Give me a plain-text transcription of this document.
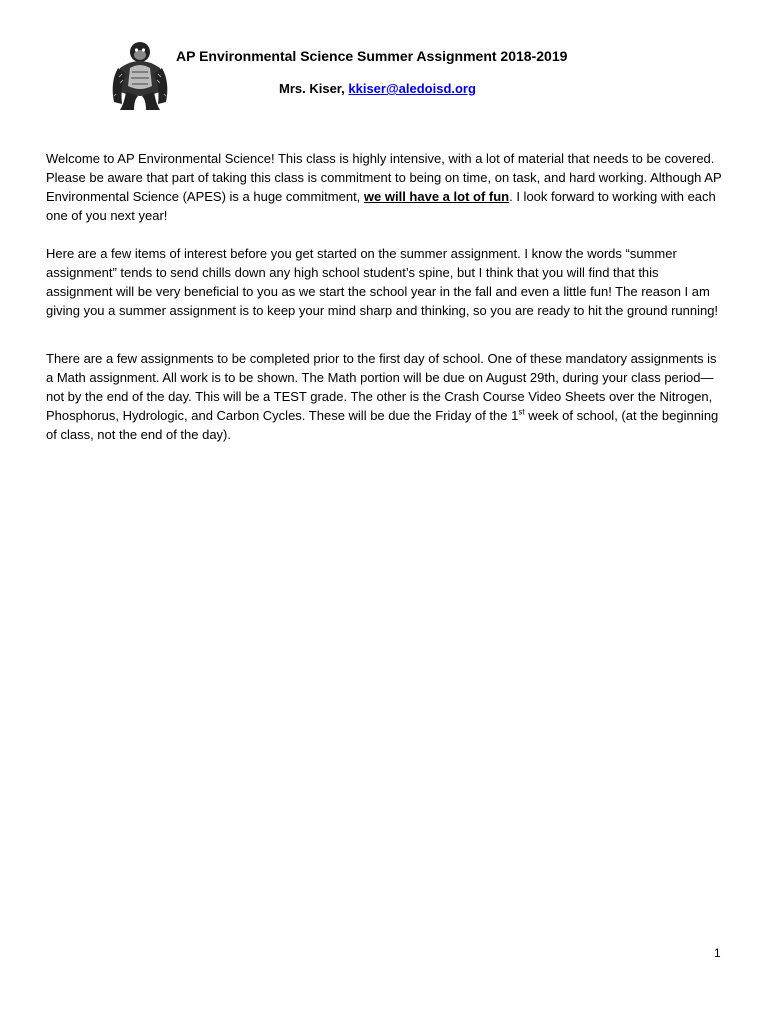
AP Environmental Science Summer Assignment 2018-2019
Mrs. Kiser, kkiser@aledoisd.org
Welcome to AP Environmental Science! This class is highly intensive, with a lot of material that needs to be covered. Please be aware that part of taking this class is commitment to being on time, on task, and hard working. Although AP Environmental Science (APES) is a huge commitment, we will have a lot of fun. I look forward to working with each one of you next year!
Here are a few items of interest before you get started on the summer assignment. I know the words “summer assignment” tends to send chills down any high school student’s spine, but I think that you will find that this assignment will be very beneficial to you as we start the school year in the fall and even a little fun! The reason I am giving you a summer assignment is to keep your mind sharp and thinking, so you are ready to hit the ground running!
There are a few assignments to be completed prior to the first day of school. One of these mandatory assignments is a Math assignment. All work is to be shown. The Math portion will be due on August 29th, during your class period—not by the end of the day. This will be a TEST grade. The other is the Crash Course Video Sheets over the Nitrogen, Phosphorus, Hydrologic, and Carbon Cycles. These will be due the Friday of the 1st week of school, (at the beginning of class, not the end of the day).
1
